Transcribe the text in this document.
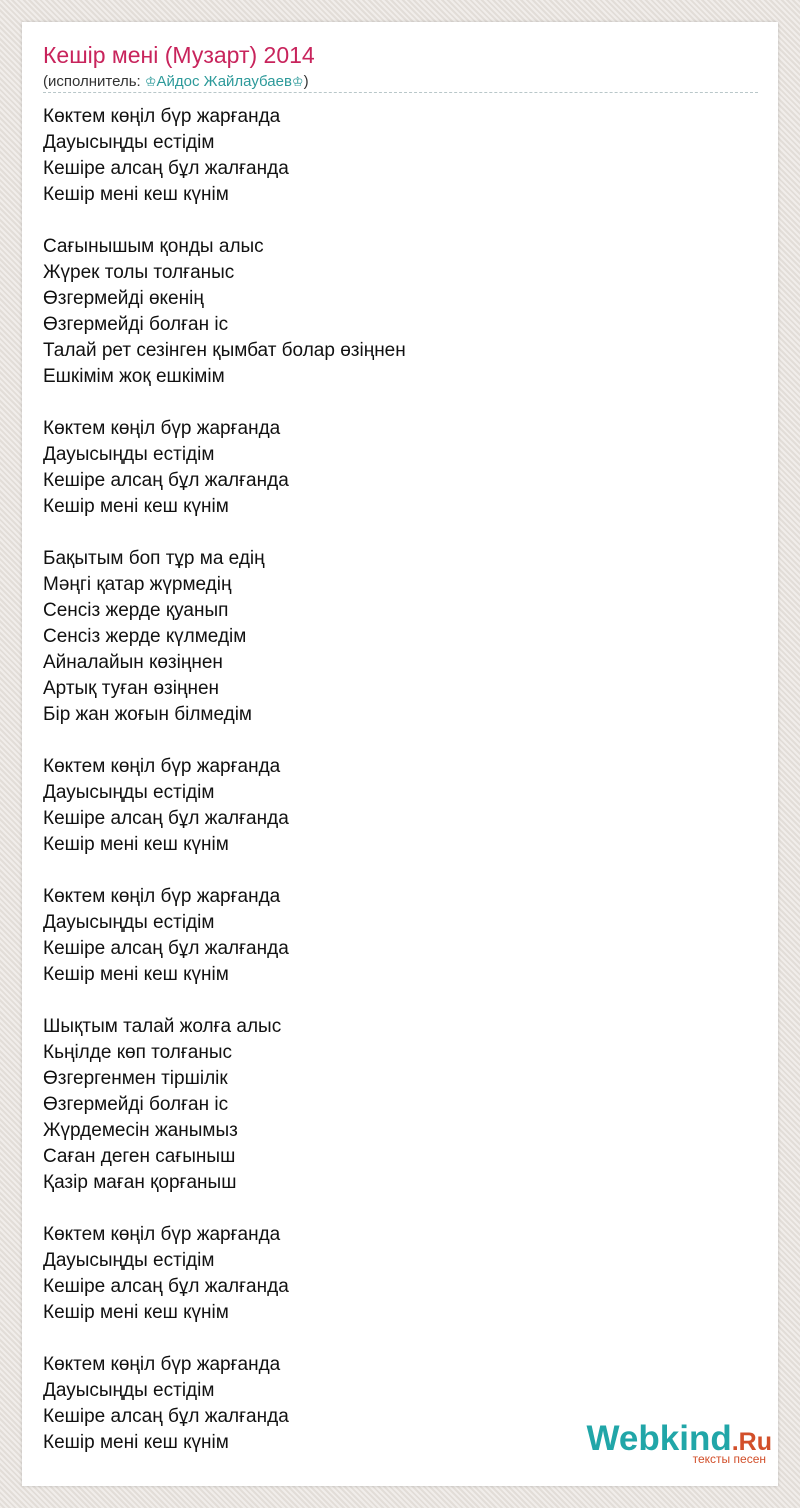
Кешір мені (Музарт) 2014
(исполнитель: ♔Айдос Жайлаубаев♔)
Көктем көңіл бүр жарғанда
Дауысыңды естідім
Кешіре алсаң бұл жалғанда
Кешір мені кеш күнім
Сағынышым қонды алыс
Жүрек толы толғаныс
Өзгермейді өкенің
Өзгермейді болған іс
Талай рет сезінген қымбат болар өзіңнен
Ешкімім жоқ ешкімім
Көктем көңіл бүр жарғанда
Дауысыңды естідім
Кешіре алсаң бұл жалғанда
Кешір мені кеш күнім
Бақытым боп тұр ма едің
Мәңгі қатар жүрмедің
Сенсіз жерде қуанып
Сенсіз жерде күлмедім
Айналайын көзіңнен
Артық туған өзіңнен
Бір жан жоғын білмедім
Көктем көңіл бүр жарғанда
Дауысыңды естідім
Кешіре алсаң бұл жалғанда
Кешір мені кеш күнім
Көктем көңіл бүр жарғанда
Дауысыңды естідім
Кешіре алсаң бұл жалғанда
Кешір мені кеш күнім
Шықтым талай жолға алыс
Кьңілде көп толғаныс
Өзгергенмен тіршілік
Өзгермейді болған іс
Жүрдемесін жанымыз
Саған деген сағыныш
Қазір маған қорғаныш
Көктем көңіл бүр жарғанда
Дауысыңды естідім
Кешіре алсаң бұл жалғанда
Кешір мені кеш күнім
Көктем көңіл бүр жарғанда
Дауысыңды естідім
Кешіре алсаң бұл жалғанда
Кешір мені кеш күнім	Webkind.Ru
тексты песен
